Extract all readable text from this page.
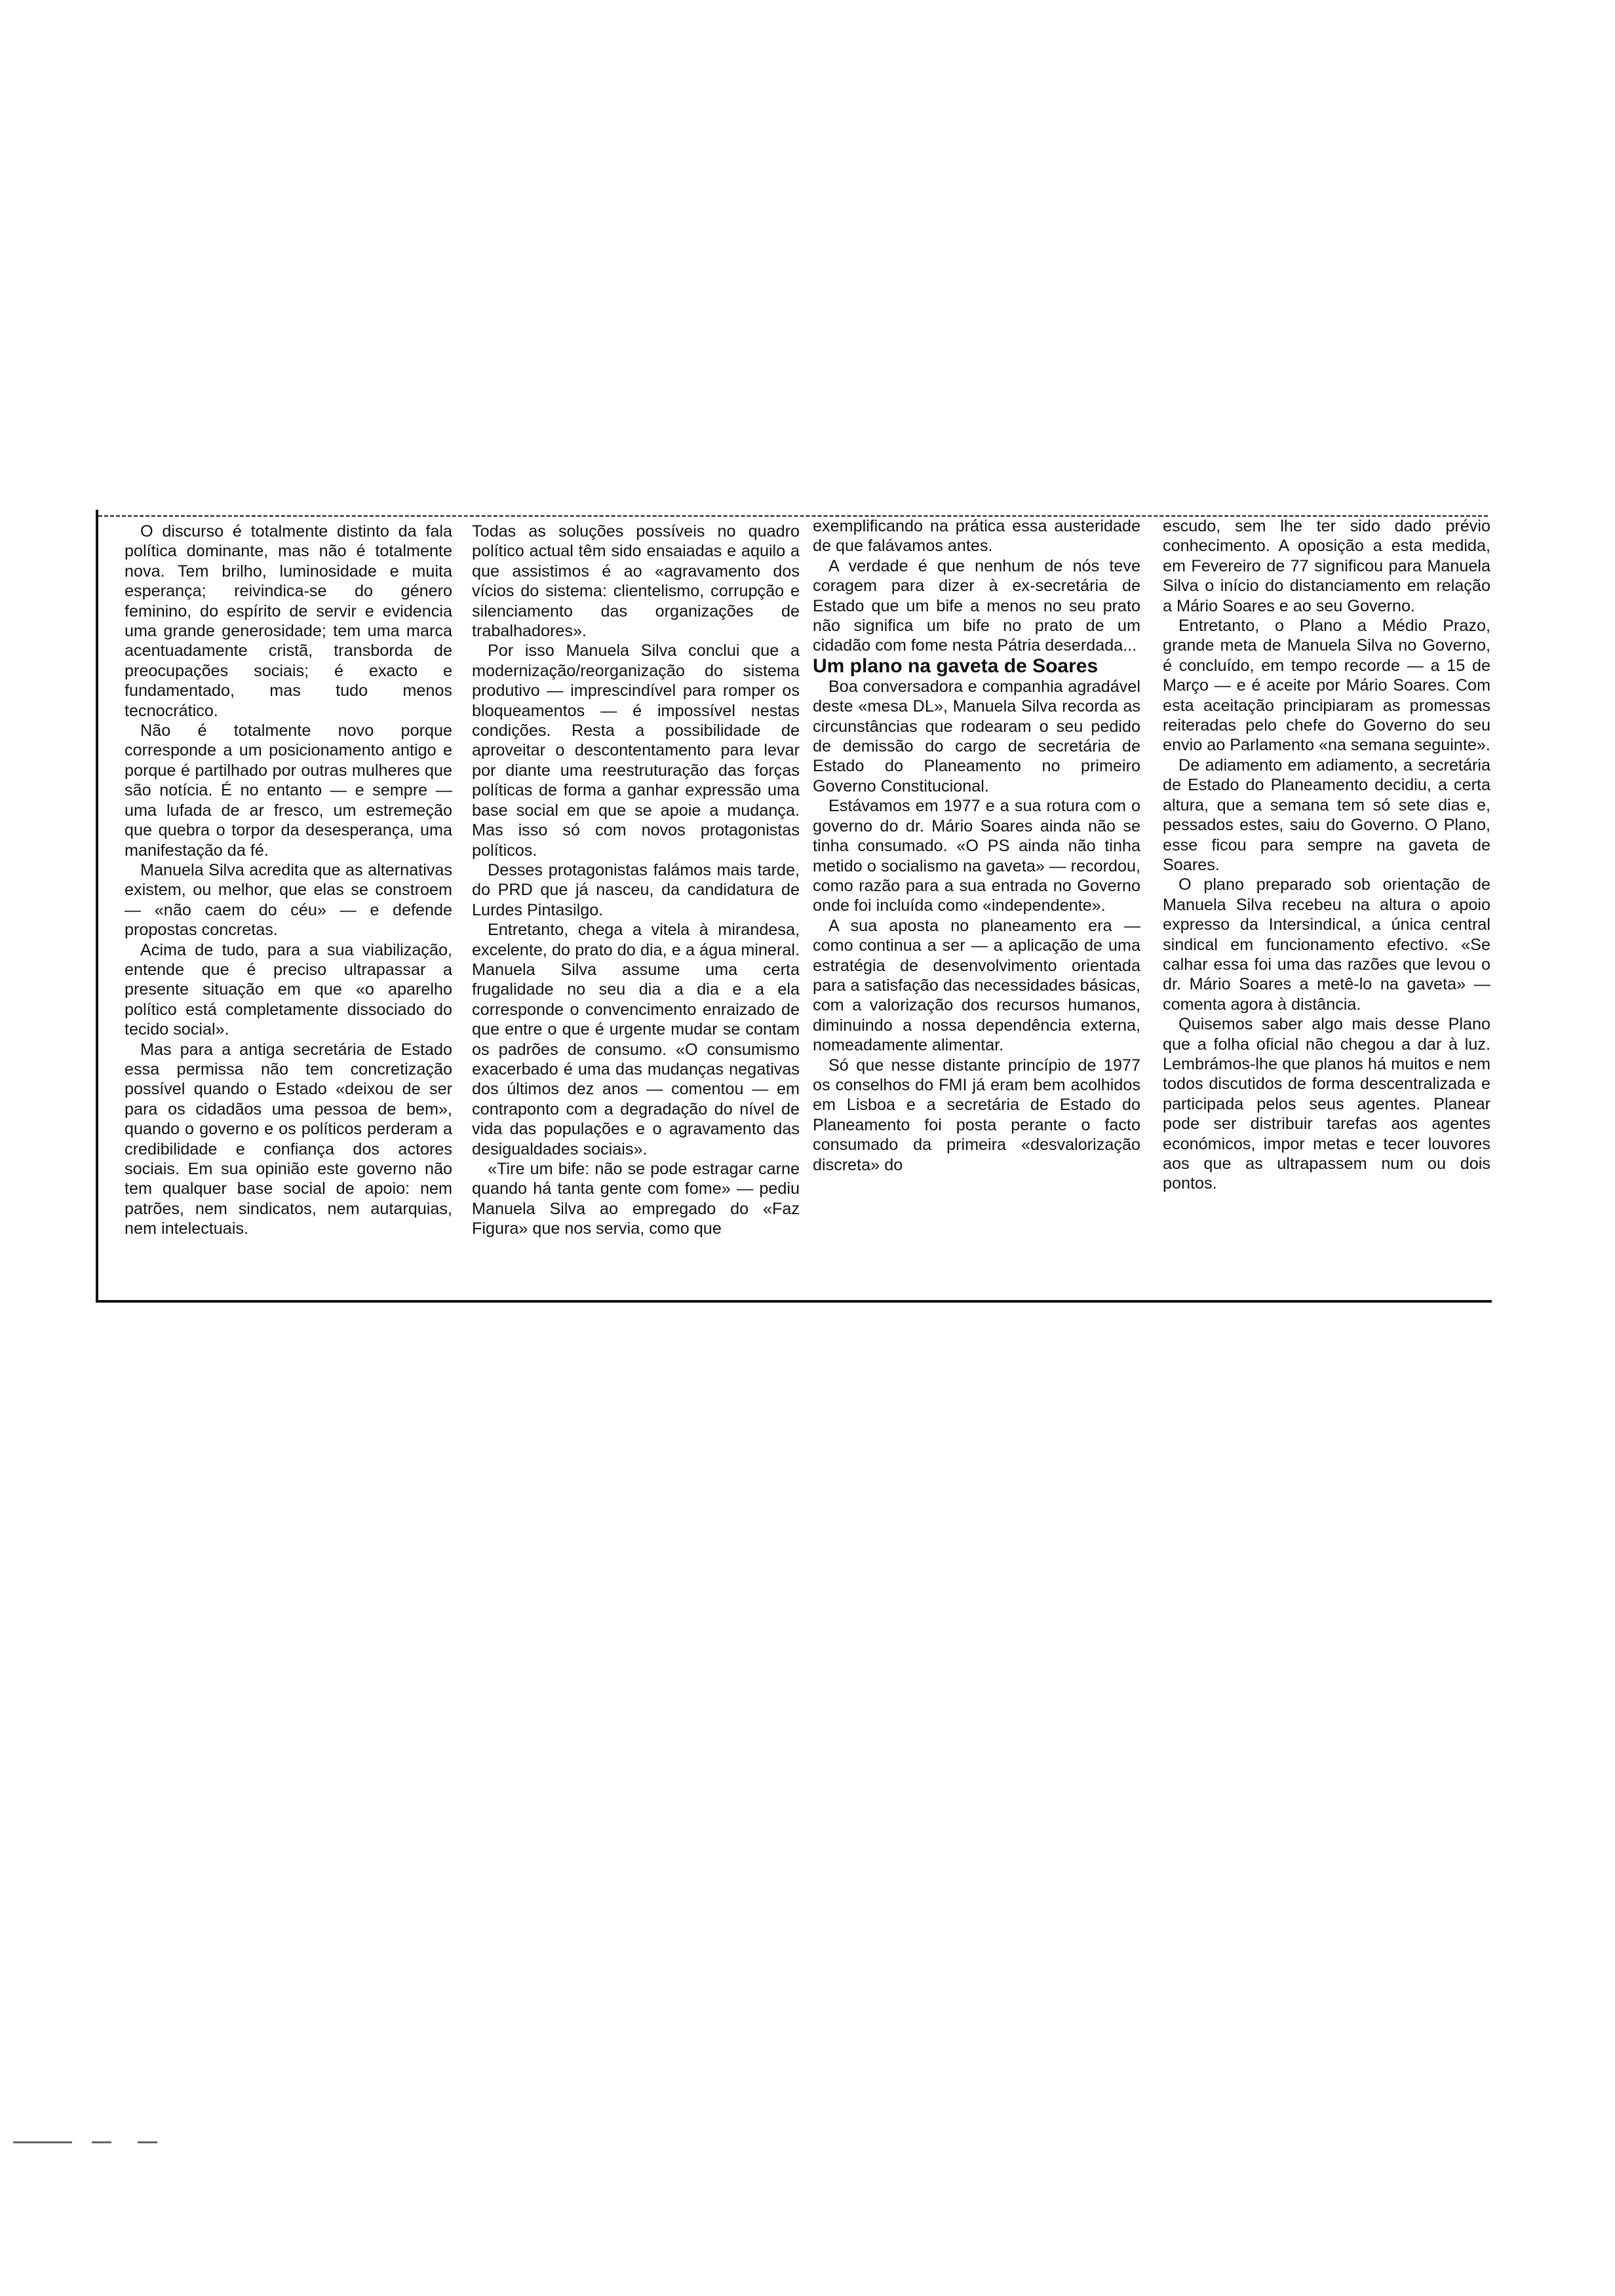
O discurso é totalmente distinto da fala política dominante, mas não é totalmente nova. Tem brilho, luminosidade e muita esperança; reivindica-se do género feminino, do espírito de servir e evidencia uma grande generosidade; tem uma marca acentuadamente cristã, transborda de preocupações sociais; é exacto e fundamentado, mas tudo menos tecnocrático.

Não é totalmente novo porque corresponde a um posicionamento antigo e porque é partilhado por outras mulheres que são notícia. É no entanto — e sempre — uma lufada de ar fresco, um estremeção que quebra o torpor da desesperança, uma manifestação da fé.

Manuela Silva acredita que as alternativas existem, ou melhor, que elas se constroem — «não caem do céu» — e defende propostas concretas.

Acima de tudo, para a sua viabilização, entende que é preciso ultrapassar a presente situação em que «o aparelho político está completamente dissociado do tecido social».

Mas para a antiga secretária de Estado essa permissa não tem concretização possível quando o Estado «deixou de ser para os cidadãos uma pessoa de bem», quando o governo e os políticos perderam a credibilidade e confiança dos actores sociais. Em sua opinião este governo não tem qualquer base social de apoio: nem patrões, nem sindicatos, nem autarquias, nem intelectuais.

Todas as soluções possíveis no quadro político actual têm sido ensaiadas e aquilo a que assistimos é ao «agravamento dos vícios do sistema: clientelismo, corrupção e silenciamento das organizações de trabalhadores».

Por isso Manuela Silva conclui que a modernização/reorganização do sistema produtivo — imprescindível para romper os bloqueamentos — é impossível nestas condições. Resta a possibilidade de aproveitar o descontentamento para levar por diante uma reestruturação das forças políticas de forma a ganhar expressão uma base social em que se apoie a mudança. Mas isso só com novos protagonistas políticos.

Desses protagonistas falámos mais tarde, do PRD que já nasceu, da candidatura de Lurdes Pintasilgo.

Entretanto, chega a vitela à mirandesa, excelente, do prato do dia, e a água mineral. Manuela Silva assume uma certa frugalidade no seu dia a dia e a ela corresponde o convencimento enraizado de que entre o que é urgente mudar se contam os padrões de consumo. «O consumismo exacerbado é uma das mudanças negativas dos últimos dez anos — comentou — em contraponto com a degradação do nível de vida das populações e o agravamento das desigualdades sociais».

«Tire um bife: não se pode estragar carne quando há tanta gente com fome» — pediu Manuela Silva ao empregado do «Faz Figura» que nos servia, como que

exemplificando na prática essa austeridade de que falávamos antes.

A verdade é que nenhum de nós teve coragem para dizer à ex-secretária de Estado que um bife a menos no seu prato não significa um bife no prato de um cidadão com fome nesta Pátria deserdada...

Um plano na gaveta de Soares

Boa conversadora e companhia agradável deste «mesa DL», Manuela Silva recorda as circunstâncias que rodearam o seu pedido de demissão do cargo de secretária de Estado do Planeamento no primeiro Governo Constitucional.

Estávamos em 1977 e a sua rotura com o governo do dr. Mário Soares ainda não se tinha consumado. «O PS ainda não tinha metido o socialismo na gaveta» — recordou, como razão para a sua entrada no Governo onde foi incluída como «independente».

A sua aposta no planeamento era — como continua a ser — a aplicação de uma estratégia de desenvolvimento orientada para a satisfação das necessidades básicas, com a valorização dos recursos humanos, diminuindo a nossa dependência externa, nomeadamente alimentar.

Só que nesse distante princípio de 1977 os conselhos do FMI já eram bem acolhidos em Lisboa e a secretária de Estado do Planeamento foi posta perante o facto consumado da primeira «desvalorização discreta» do

escudo, sem lhe ter sido dado prévio conhecimento. A oposição a esta medida, em Fevereiro de 77 significou para Manuela Silva o início do distanciamento em relação a Mário Soares e ao seu Governo.

Entretanto, o Plano a Médio Prazo, grande meta de Manuela Silva no Governo, é concluído, em tempo recorde — a 15 de Março — e é aceite por Mário Soares. Com esta aceitação principiaram as promessas reiteradas pelo chefe do Governo do seu envio ao Parlamento «na semana seguinte».

De adiamento em adiamento, a secretária de Estado do Planeamento decidiu, a certa altura, que a semana tem só sete dias e, pessados estes, saiu do Governo. O Plano, esse ficou para sempre na gaveta de Soares.

O plano preparado sob orientação de Manuela Silva recebeu na altura o apoio expresso da Intersindical, a única central sindical em funcionamento efectivo. «Se calhar essa foi uma das razões que levou o dr. Mário Soares a metê-lo na gaveta» — comenta agora à distância.

Quisemos saber algo mais desse Plano que a folha oficial não chegou a dar à luz. Lembrámos-lhe que planos há muitos e nem todos discutidos de forma descentralizada e participada pelos seus agentes. Planear pode ser distribuir tarefas aos agentes económicos, impor metas e tecer louvores aos que as ultrapassem num ou dois pontos.
